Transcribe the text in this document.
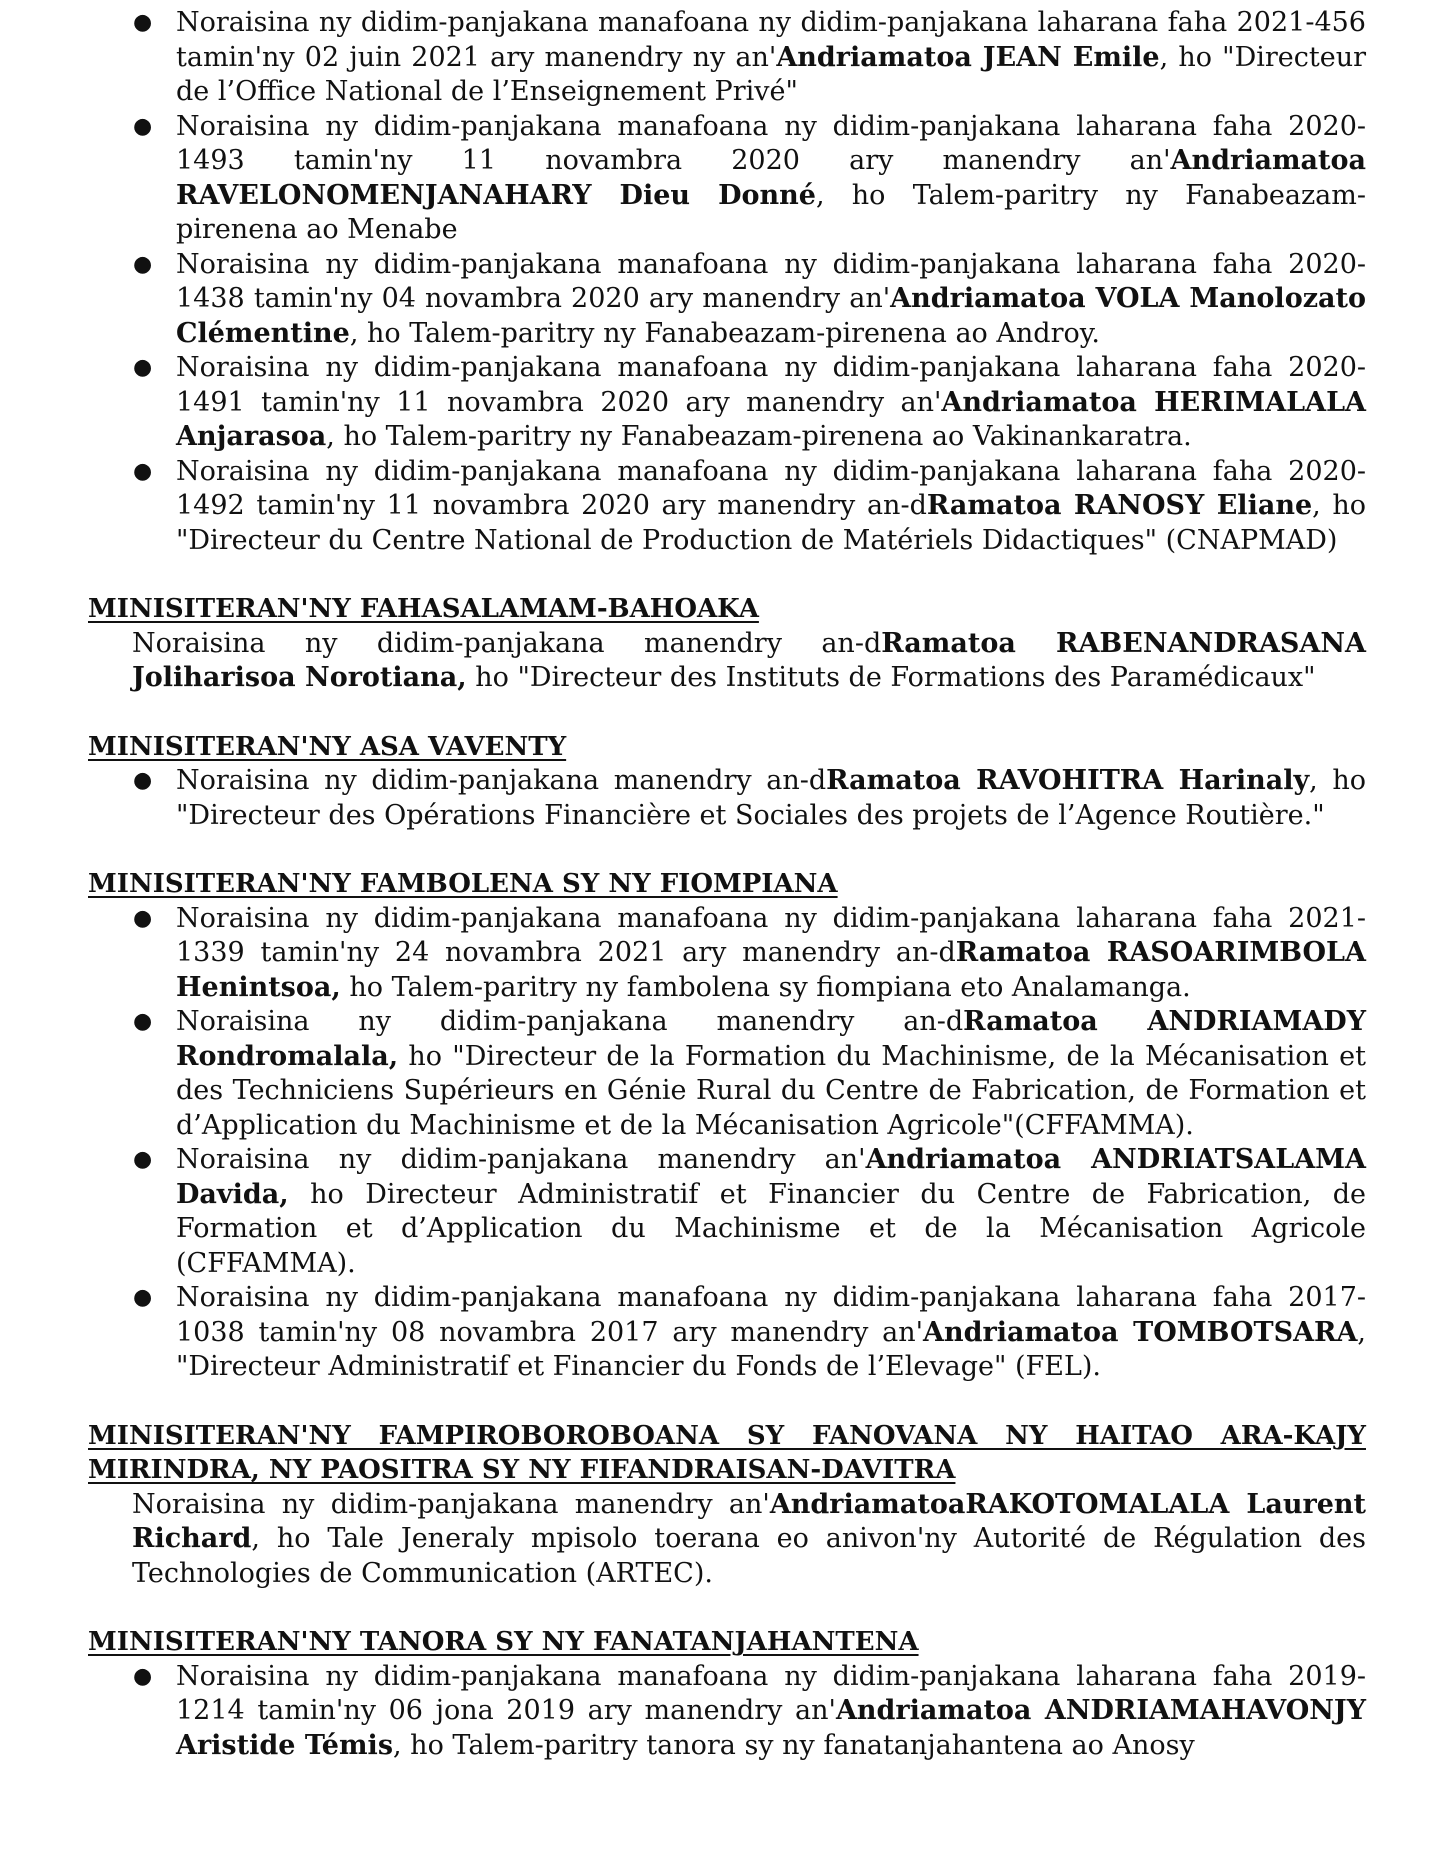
● Noraisina ny didim-panjakana manafoana ny didim-panjakana laharana faha 2021-456 tamin'ny 02 juin 2021 ary manendry ny an'Andriamatoa JEAN Emile, ho "Directeur de l’Office National de l’Enseignement Privé"
● Noraisina ny didim-panjakana manafoana ny didim-panjakana laharana faha 2020-1493 tamin'ny 11 novambra 2020 ary manendry an'Andriamatoa RAVELONOMENJANAHARY Dieu Donné, ho Talem-paritry ny Fanabeazam-pirenena ao Menabe
● Noraisina ny didim-panjakana manafoana ny didim-panjakana laharana faha 2020-1438 tamin'ny 04 novambra 2020 ary manendry an'Andriamatoa VOLA Manolozato Clémentine, ho Talem-paritry ny Fanabeazam-pirenena ao Androy.
● Noraisina ny didim-panjakana manafoana ny didim-panjakana laharana faha 2020-1491 tamin'ny 11 novambra 2020 ary manendry an'Andriamatoa HERIMALALA Anjarasoa, ho Talem-paritry ny Fanabeazam-pirenena ao Vakinankaratra.
● Noraisina ny didim-panjakana manafoana ny didim-panjakana laharana faha 2020-1492 tamin'ny 11 novambra 2020 ary manendry an-dRamatoa RANOSY Eliane, ho "Directeur du Centre National de Production de Matériels Didactiques" (CNAPMAD)
MINISITERAN'NY FAHASALAMAM-BAHOAKA
Noraisina ny didim-panjakana manendry an-dRamatoa RABENANDRASANA Joliharisoa Norotiana, ho "Directeur des Instituts de Formations des Paramédicaux"
MINISITERAN'NY ASA VAVENTY
● Noraisina ny didim-panjakana manendry an-dRamatoa RAVOHITRA Harinaly, ho "Directeur des Opérations Financière et Sociales des projets de l’Agence Routière."
MINISITERAN'NY FAMBOLENA SY NY FIOMPIANA
● Noraisina ny didim-panjakana manafoana ny didim-panjakana laharana faha 2021-1339 tamin'ny 24 novambra 2021 ary manendry an-dRamatoa RASOARIMBOLA Henintsoa, ho Talem-paritry ny fambolena sy fiompiana eto Analamanga.
● Noraisina ny didim-panjakana manendry an-dRamatoa ANDRIAMADY Rondromalala, ho "Directeur de la Formation du Machinisme, de la Mécanisation et des Techniciens Supérieurs en Génie Rural du Centre de Fabrication, de Formation et d’Application du Machinisme et de la Mécanisation Agricole"(CFFAMMA).
● Noraisina ny didim-panjakana manendry an'Andriamatoa ANDRIATSALAMA Davida, ho Directeur Administratif et Financier du Centre de Fabrication, de Formation et d’Application du Machinisme et de la Mécanisation Agricole (CFFAMMA).
● Noraisina ny didim-panjakana manafoana ny didim-panjakana laharana faha 2017-1038 tamin'ny 08 novambra 2017 ary manendry an'Andriamatoa TOMBOTSARA, "Directeur Administratif et Financier du Fonds de l’Elevage" (FEL).
MINISITERAN'NY FAMPIROBOROBOANA SY FANOVANA NY HAITAO ARA-KAJY MIRINDRA, NY PAOSITRA SY NY FIFANDRAISAN-DAVITRA
Noraisina ny didim-panjakana manendry an'AndriamatoaRAKOTOMALALA Laurent Richard, ho Tale Jeneraly mpisolo toerana eo anivon'ny Autorité de Régulation des Technologies de Communication (ARTEC).
MINISITERAN'NY TANORA SY NY FANATANJAHANTENA
● Noraisina ny didim-panjakana manafoana ny didim-panjakana laharana faha 2019-1214 tamin'ny 06 jona 2019 ary manendry an'Andriamatoa ANDRIAMAHAVONJY Aristide Témis, ho Talem-paritry tanora sy ny fanatanjahantena ao Anosy
